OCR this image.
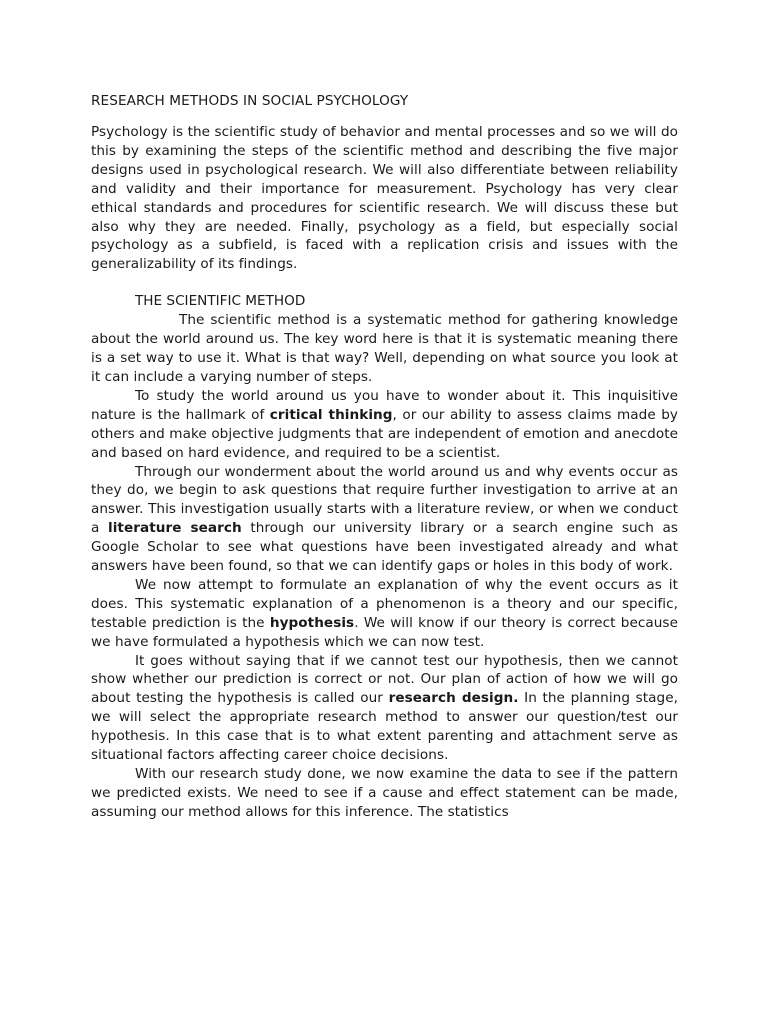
RESEARCH METHODS IN SOCIAL PSYCHOLOGY

Psychology is the scientific study of behavior and mental processes and so we will do this by examining the steps of the scientific method and describing the five major designs used in psychological research. We will also differentiate between reliability and validity and their importance for measurement. Psychology has very clear ethical standards and procedures for scientific research. We will discuss these but also why they are needed. Finally, psychology as a field, but especially social psychology as a subfield, is faced with a replication crisis and issues with the generalizability of its findings.

THE SCIENTIFIC METHOD

The scientific method is a systematic method for gathering knowledge about the world around us. The key word here is that it is systematic meaning there is a set way to use it. What is that way? Well, depending on what source you look at it can include a varying number of steps.

To study the world around us you have to wonder about it. This inquisitive nature is the hallmark of critical thinking, or our ability to assess claims made by others and make objective judgments that are independent of emotion and anecdote and based on hard evidence, and required to be a scientist.

Through our wonderment about the world around us and why events occur as they do, we begin to ask questions that require further investigation to arrive at an answer. This investigation usually starts with a literature review, or when we conduct a literature search through our university library or a search engine such as Google Scholar to see what questions have been investigated already and what answers have been found, so that we can identify gaps or holes in this body of work.

We now attempt to formulate an explanation of why the event occurs as it does. This systematic explanation of a phenomenon is a theory and our specific, testable prediction is the hypothesis. We will know if our theory is correct because we have formulated a hypothesis which we can now test.

It goes without saying that if we cannot test our hypothesis, then we cannot show whether our prediction is correct or not. Our plan of action of how we will go about testing the hypothesis is called our research design. In the planning stage, we will select the appropriate research method to answer our question/test our hypothesis. In this case that is to what extent parenting and attachment serve as situational factors affecting career choice decisions.

With our research study done, we now examine the data to see if the pattern we predicted exists. We need to see if a cause and effect statement can be made, assuming our method allows for this inference. The statistics
